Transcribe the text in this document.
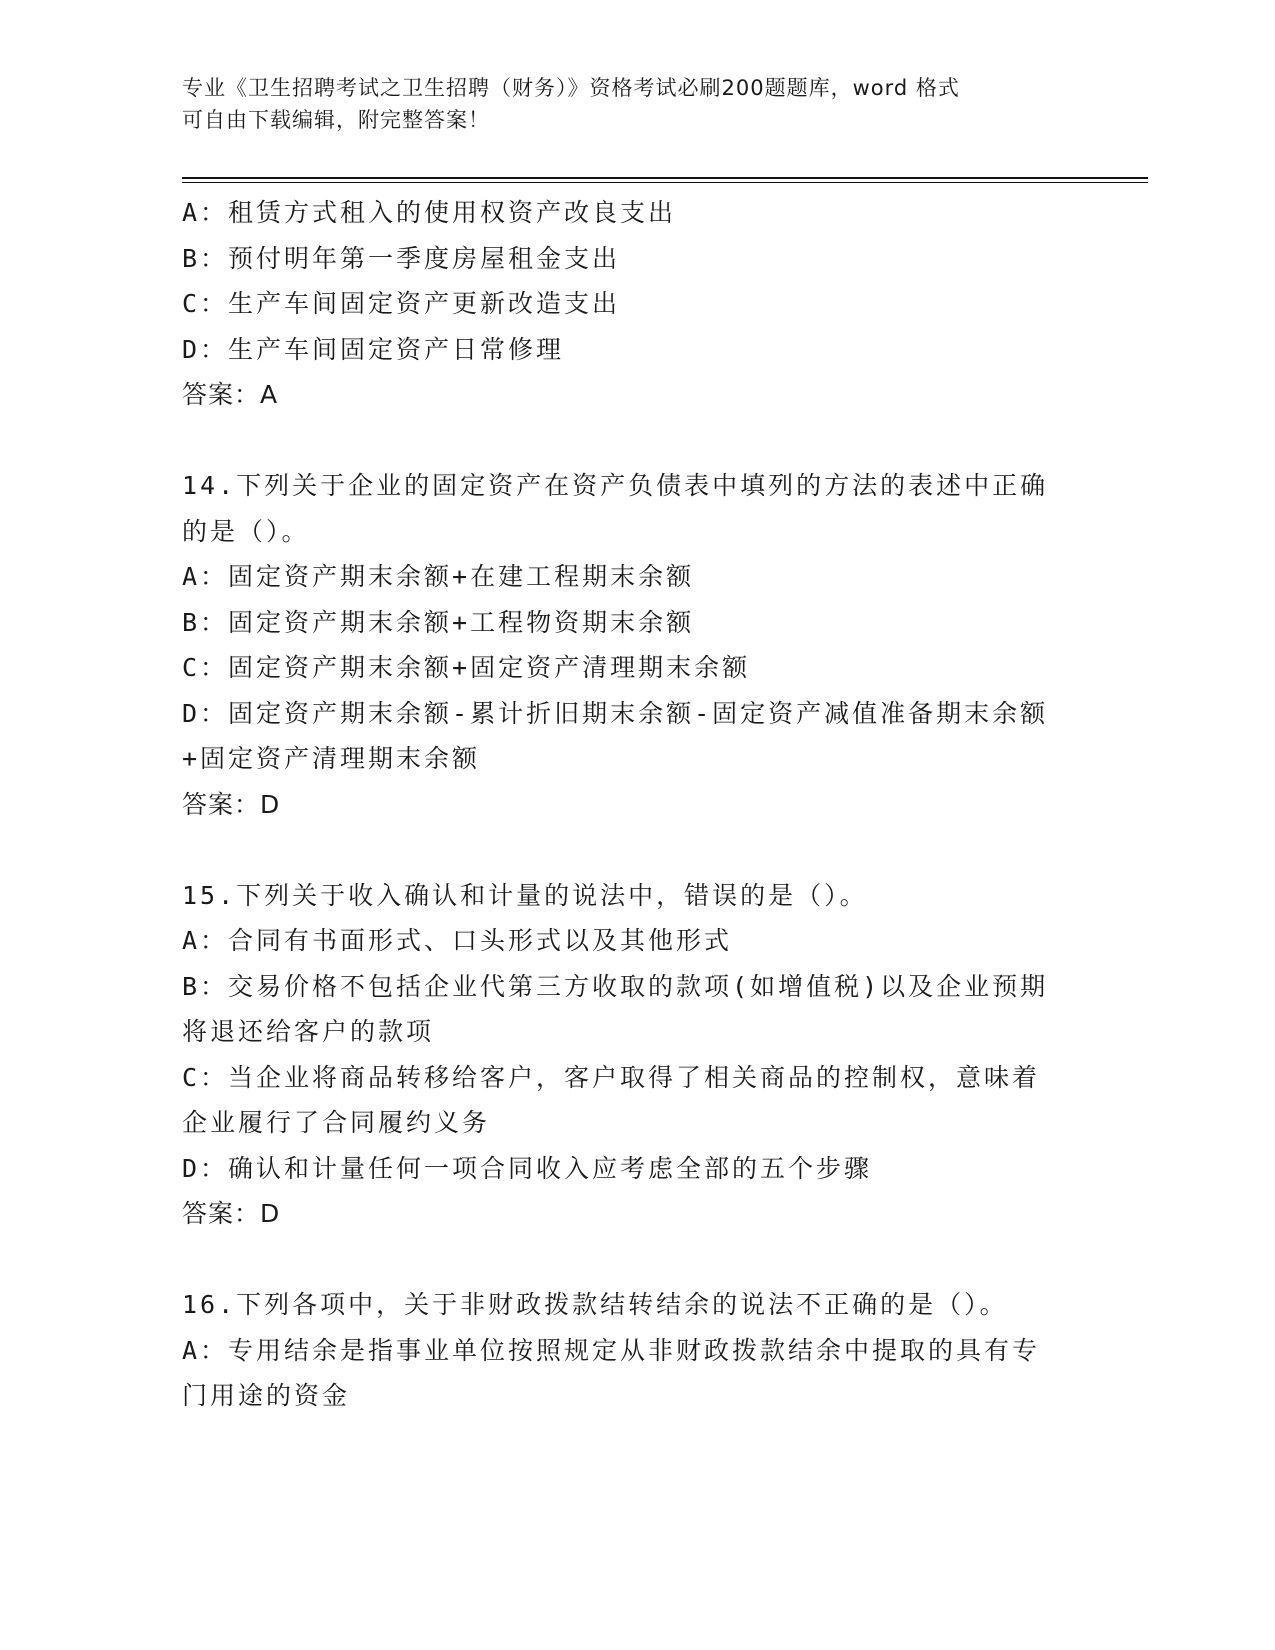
专业《卫生招聘考试之卫生招聘（财务）》资格考试必刷200题题库，word 格式

可自由下载编辑，附完整答案！

A：租赁方式租入的使用权资产改良支出
B：预付明年第一季度房屋租金支出
C：生产车间固定资产更新改造支出
D：生产车间固定资产日常修理
答案：A
14.下列关于企业的固定资产在资产负债表中填列的方法的表述中正确
的是（）。
A：固定资产期末余额+在建工程期末余额
B：固定资产期末余额+工程物资期末余额
C：固定资产期末余额+固定资产清理期末余额
D：固定资产期末余额-累计折旧期末余额-固定资产减值准备期末余额
+固定资产清理期末余额
答案：D
15.下列关于收入确认和计量的说法中，错误的是（）。
A：合同有书面形式、口头形式以及其他形式
B：交易价格不包括企业代第三方收取的款项(如增值税)以及企业预期
将退还给客户的款项
C：当企业将商品转移给客户，客户取得了相关商品的控制权，意味着
企业履行了合同履约义务
D：确认和计量任何一项合同收入应考虑全部的五个步骤
答案：D
16.下列各项中，关于非财政拨款结转结余的说法不正确的是（）。
A：专用结余是指事业单位按照规定从非财政拨款结余中提取的具有专
门用途的资金
